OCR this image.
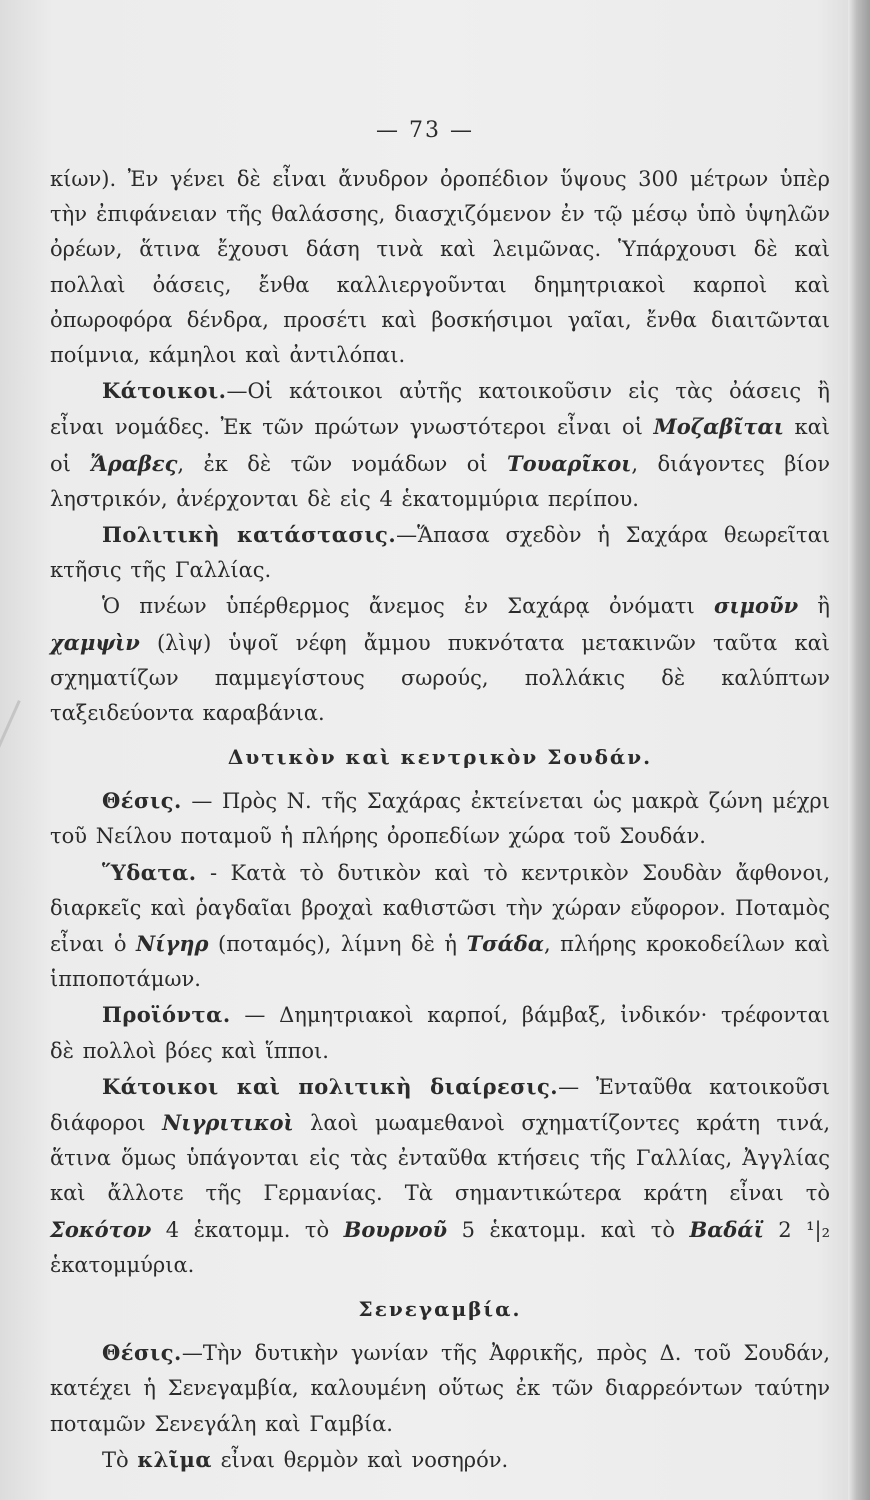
— 73 —

κίων). Ἐν γένει δὲ εἶναι ἄνυδρον ὀροπέδιον ὕψους 300 μέτρων ὑπὲρ τὴν ἐπιφάνειαν τῆς θαλάσσης, διασχιζόμενον ἐν τῷ μέσῳ ὑπὸ ὑψηλῶν ὀρέων, ἅτινα ἔχουσι δάση τινὰ καὶ λειμῶνας. Ὑπάρχουσι δὲ καὶ πολλαὶ ὀάσεις, ἔνθα καλλιεργοῦνται δημητριακοὶ καρποὶ καὶ ὀπωροφόρα δένδρα, προσέτι καὶ βοσκήσιμοι γαῖαι, ἔνθα διαιτῶνται ποίμνια, κάμηλοι καὶ ἀντιλόπαι.

Κάτοικοι.—Οἱ κάτοικοι αὐτῆς κατοικοῦσιν εἰς τὰς ὀάσεις ἢ εἶναι νομάδες. Ἐκ τῶν πρώτων γνωστότεροι εἶναι οἱ Μοζαβῖται καὶ οἱ Ἄραβες, ἐκ δὲ τῶν νομάδων οἱ Τουαρῖκοι, διάγοντες βίον ληστρικόν, ἀνέρχονται δὲ εἰς 4 ἑκατομμύρια περίπου.

Πολιτικὴ κατάστασις.—Ἅπασα σχεδὸν ἡ Σαχάρα θεωρεῖται κτῆσις τῆς Γαλλίας.

Ὁ πνέων ὑπέρθερμος ἄνεμος ἐν Σαχάρᾳ ὀνόματι σιμοῦν ἢ χαμψὶν (λὶψ) ὑψοῖ νέφη ἄμμου πυκνότατα μετακινῶν ταῦτα καὶ σχηματίζων παμμεγίστους σωρούς, πολλάκις δὲ καλύπτων ταξειδεύοντα καραβάνια.

Δυτικὸν καὶ κεντρικὸν Σουδάν.

Θέσις. — Πρὸς Ν. τῆς Σαχάρας ἐκτείνεται ὡς μακρὰ ζώνη μέχρι τοῦ Νείλου ποταμοῦ ἡ πλήρης ὀροπεδίων χώρα τοῦ Σουδάν.

Ὕδατα. - Κατὰ τὸ δυτικὸν καὶ τὸ κεντρικὸν Σουδὰν ἄφθονοι, διαρκεῖς καὶ ῥαγδαῖαι βροχαὶ καθιστῶσι τὴν χώραν εὔφορον. Ποταμὸς εἶναι ὁ Νίγηρ (ποταμός), λίμνη δὲ ἡ Τσάδα, πλήρης κροκοδείλων καὶ ἱπποποτάμων.

Προϊόντα. — Δημητριακοὶ καρποί, βάμβαξ, ἰνδικόν· τρέφονται δὲ πολλοὶ βόες καὶ ἵπποι.

Κάτοικοι καὶ πολιτικὴ διαίρεσις.— Ἐνταῦθα κατοικοῦσι διάφοροι Νιγριτικοὶ λαοὶ μωαμεθανοὶ σχηματίζοντες κράτη τινά, ἅτινα ὅμως ὑπάγονται εἰς τὰς ἐνταῦθα κτήσεις τῆς Γαλλίας, Ἀγγλίας καὶ ἄλλοτε τῆς Γερμανίας. Τὰ σημαντικώτερα κράτη εἶναι τὸ Σοκότον 4 ἑκατομμ. τὸ Βουρνοῦ 5 ἑκατομμ. καὶ τὸ Βαδάϊ 2 ¹|₂ ἑκατομμύρια.

Σενεγαμβία.

Θέσις.—Τὴν δυτικὴν γωνίαν τῆς Ἀφρικῆς, πρὸς Δ. τοῦ Σουδάν, κατέχει ἡ Σενεγαμβία, καλουμένη οὕτως ἐκ τῶν διαρρεόντων ταύτην ποταμῶν Σενεγάλη καὶ Γαμβία.

Τὸ κλῖμα εἶναι θερμὸν καὶ νοσηρόν.
